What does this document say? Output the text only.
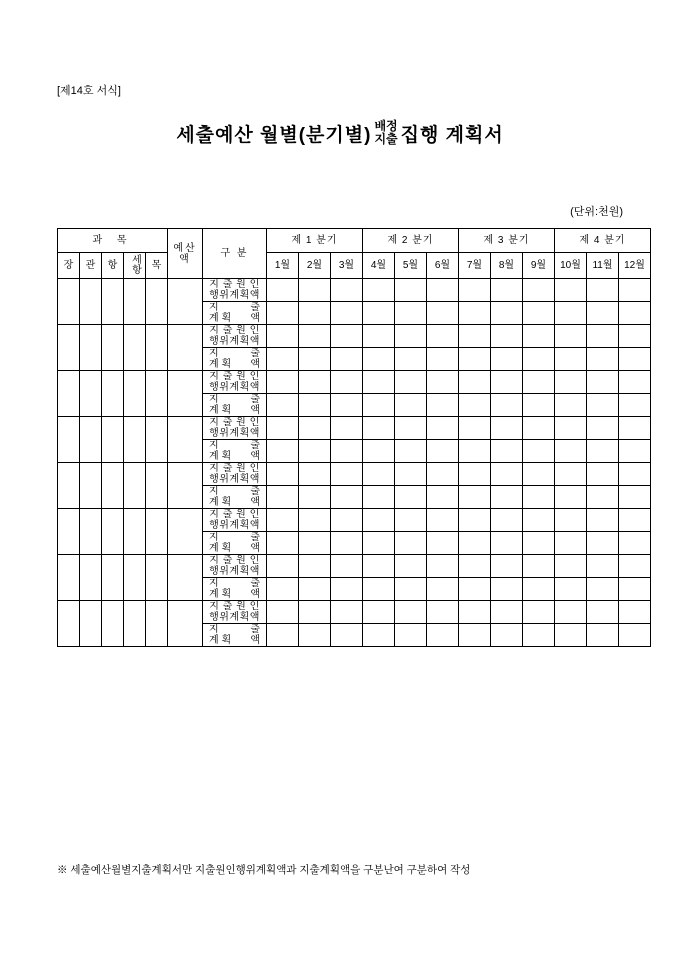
[제14호 서식]
세출예산 월별(분기별) 배정
지출 집행 계획서
(단위:천원)
과 목					예산액	구 분	제 1 분기			제 2 분기			제 3 분기			제 4 분기		
장	관	항	세항	목			1월	2월	3월	4월	5월	6월	7월	8월	9월	10월	11월	12월
						지 출 원 인
행위계획액												

						지 출
계 획 액												

						지 출 원 인
행위계획액												

						지 출
계 획 액												

						지 출 원 인
행위계획액												

						지 출
계 획 액												

						지 출 원 인
행위계획액												

						지 출
계 획 액												

						지 출 원 인
행위계획액												

						지 출
계 획 액												

						지 출 원 인
행위계획액												

						지 출
계 획 액												

						지 출 원 인
행위계획액												

						지 출
계 획 액												

						지 출 원 인
행위계획액												

						지 출
계 획 액												

※ 세출예산월별지출계획서만 지출원인행위계획액과 지출계획액을 구분난여 구분하여 작성
